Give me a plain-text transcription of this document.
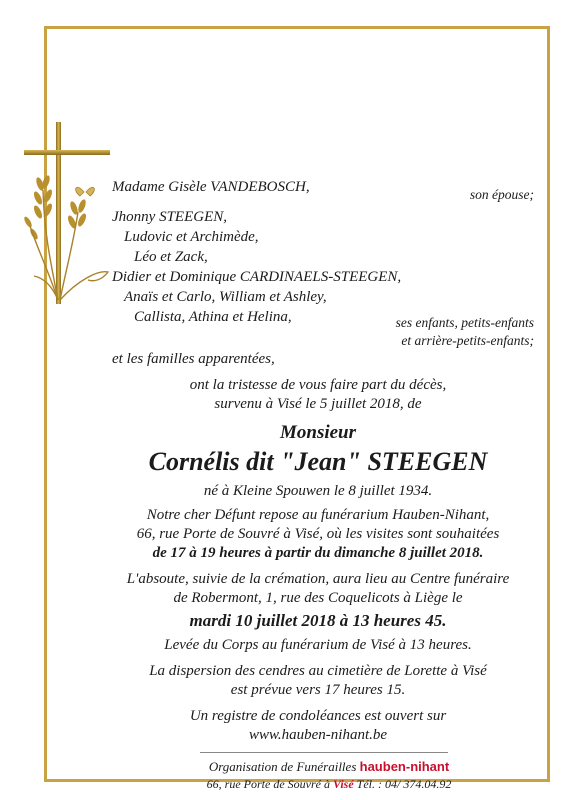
Madame Gisèle VANDEBOSCH,	son épouse;
Jhonny STEEGEN,
Ludovic et Archimède,
Léo et Zack,
Didier et Dominique CARDINAELS-STEEGEN,
Anaïs et Carlo, William et Ashley,
Callista, Athina et Helina,	ses enfants, petits-enfants
et arrière-petits-enfants;
et les familles apparentées,
ont la tristesse de vous faire part du décès,
survenu à Visé le 5 juillet 2018, de
Monsieur
Cornélis dit "Jean" STEEGEN
né à Kleine Spouwen le 8 juillet 1934.
Notre cher Défunt repose au funérarium Hauben-Nihant,
66, rue Porte de Souvré à Visé, où les visites sont souhaitées
de 17 à 19 heures à partir du dimanche 8 juillet 2018.
L'absoute, suivie de la crémation, aura lieu au Centre funéraire
de Robermont, 1, rue des Coquelicots à Liège le
mardi 10 juillet 2018 à 13 heures 45.
Levée du Corps au funérarium de Visé à 13 heures.
La dispersion des cendres au cimetière de Lorette à Visé
est prévue vers 17 heures 15.
Un registre de condoléances est ouvert sur
www.hauben-nihant.be
Organisation de Funérailles hauben-nihant
66, rue Porte de Souvré à Visé Tél. : 04/ 374.04.92
